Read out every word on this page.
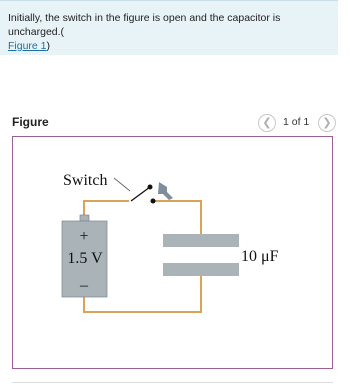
Initially, the switch in the figure is open and the capacitor is uncharged.(
Figure 1)
Figure	❮	1 of 1	❯
Switch
+
1.5 V
–
10 μF
